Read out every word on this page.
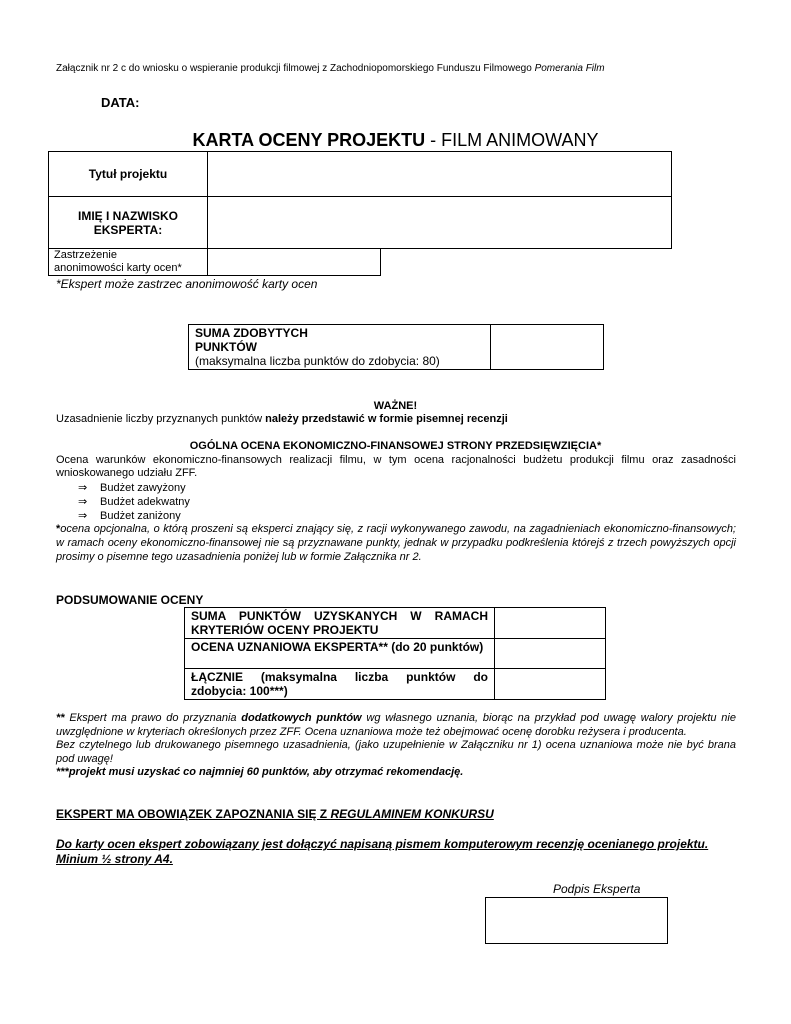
Załącznik nr 2 c do wniosku o wspieranie produkcji filmowej z Zachodniopomorskiego Funduszu Filmowego Pomerania Film
DATA:
KARTA OCENY PROJEKTU - FILM ANIMOWANY
Tytuł projektu		
IMIĘ I NAZWISKO
EKSPERTA:		
Zastrzeżenie
anonimowości karty ocen*		
*Ekspert może zastrzec anonimowość karty ocen
SUMA ZDOBYTYCH
PUNKTÓW
(maksymalna liczba punktów do zdobycia: 80)	
WAŻNE!
Uzasadnienie liczby przyznanych punktów należy przedstawić w formie pisemnej recenzji
OGÓLNA OCENA EKONOMICZNO-FINANSOWEJ STRONY PRZEDSIĘWZIĘCIA*
Ocena warunków ekonomiczno-finansowych realizacji filmu, w tym ocena racjonalności budżetu produkcji filmu oraz zasadności wnioskowanego udziału ZFF.
⇒ Budżet zawyżony
⇒ Budżet adekwatny
⇒ Budżet zaniżony
*ocena opcjonalna, o którą proszeni są eksperci znający się, z racji wykonywanego zawodu, na zagadnieniach ekonomiczno-finansowych; w ramach oceny ekonomiczno-finansowej nie są przyznawane punkty, jednak w przypadku podkreślenia którejś z trzech powyższych opcji prosimy o pisemne tego uzasadnienia poniżej lub w formie Załącznika nr 2.
PODSUMOWANIE OCENY
SUMA PUNKTÓW UZYSKANYCH W RAMACH KRYTERIÓW OCENY PROJEKTU	
OCENA UZNANIOWA EKSPERTA** (do 20 punktów)	
ŁĄCZNIE (maksymalna liczba punktów do zdobycia: 100***)	
** Ekspert ma prawo do przyznania dodatkowych punktów wg własnego uznania, biorąc na przykład pod uwagę walory projektu nie uwzględnione w kryteriach określonych przez ZFF. Ocena uznaniowa może też obejmować ocenę dorobku reżysera i producenta.
Bez czytelnego lub drukowanego pisemnego uzasadnienia, (jako uzupełnienie w Załączniku nr 1) ocena uznaniowa może nie być brana pod uwagę!
***projekt musi uzyskać co najmniej 60 punktów, aby otrzymać rekomendację.
EKSPERT MA OBOWIĄZEK ZAPOZNANIA SIĘ Z REGULAMINEM KONKURSU
Do karty ocen ekspert zobowiązany jest dołączyć napisaną pismem komputerowym recenzję ocenianego projektu. Minium ½ strony A4.
Podpis Eksperta
